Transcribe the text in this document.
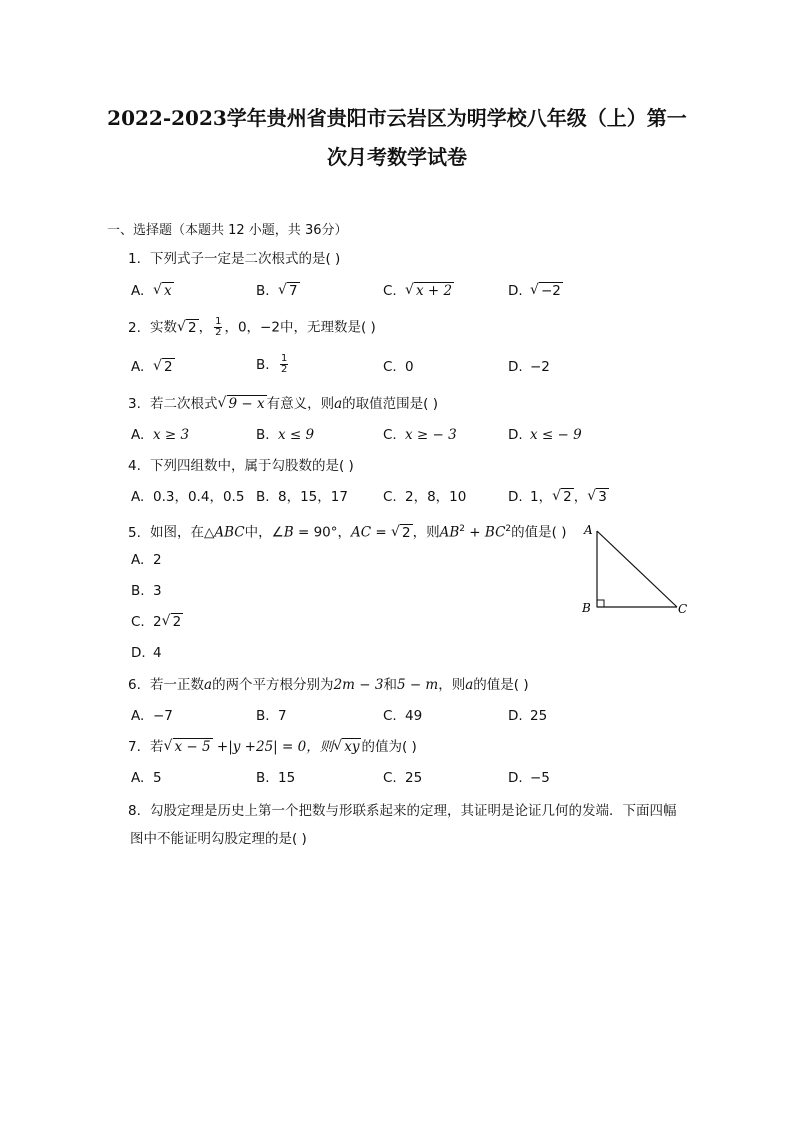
2022-2023学年贵州省贵阳市云岩区为明学校八年级（上）第一
次月考数学试卷
一、选择题（本题共 12 小题，共 36分）
1. 下列式子一定是二次根式的是( )
A. √ x	B. √ 7	C. √ x + 2	D. √ −2
2. 实数 √ 2 ， $\frac{1}{2}$ ，0，−2中，无理数是( )
A. √ 2	B. $\frac{1}{2}$	C. 0	D. −2
3. 若二次根式 √ 9 − x 有意义，则a的取值范围是( )
A. x ≥ 3	B. x ≤ 9	C. x ≥ − 3	D. x ≤ − 9
4. 下列四组数中，属于勾股数的是( )
A. 0.3，0.4，0.5 B. 8，15，17	C. 2，8，10	D. 1， √ 2 ， √ 3
5. 如图，在△ABC中，∠B = 90°，AC = √ 2 ，则$AB^2 + BC^2$的值是( )
A. 2
B. 3
C. 2 √ 2
D. 4
A
B	C
6. 若一正数a的两个平方根分别为2m − 3和5 − m，则a的值是( )
A. −7	B. 7	C. 49	D. 25
7. 若 √ x − 5 +|y +25| = 0，则 √ xy 的值为( )
A. 5	B. 15	C. 25	D. −5
8. 勾股定理是历史上第一个把数与形联系起来的定理，其证明是论证几何的发端．下面四幅
图中不能证明勾股定理的是( )
